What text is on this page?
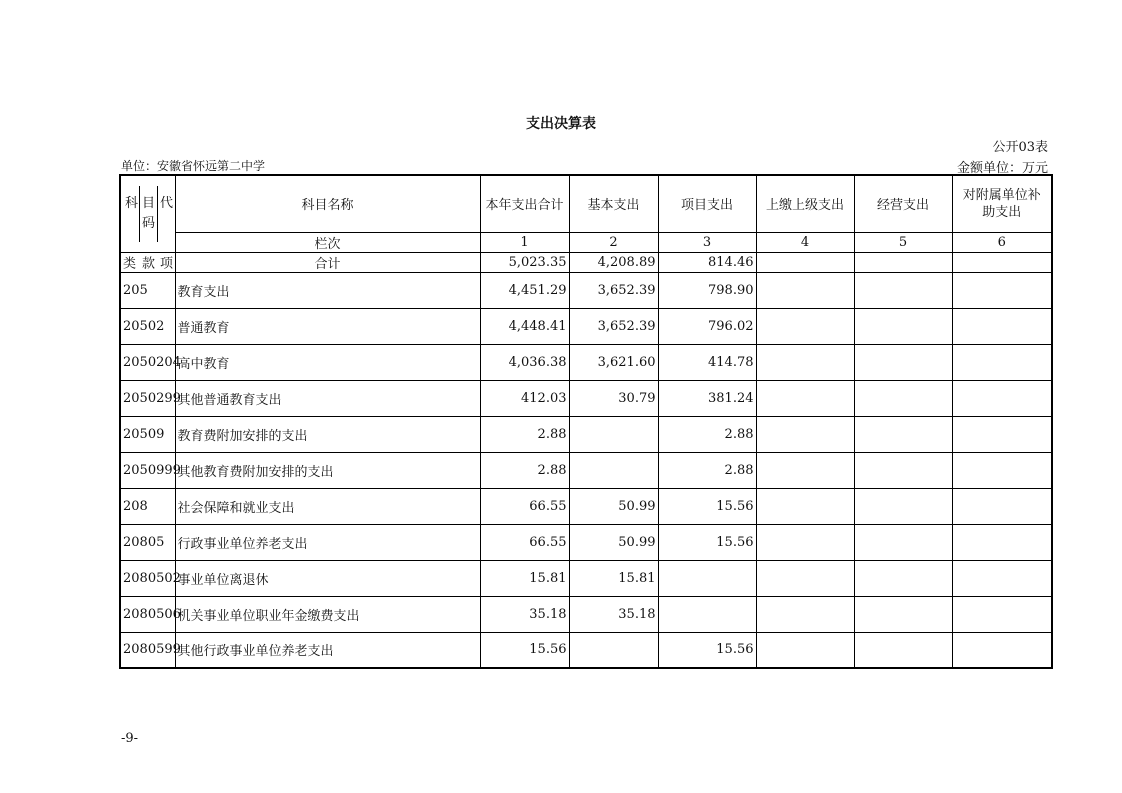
支出决算表
公开03表
单位：安徽省怀远第二中学	金额单位：万元
科 目 代
码	科目名称	本年支出合计	基本支出	项目支出	上缴上级支出	经营支出	对附属单位补助支出
	栏次	1	2	3	4	5	6

类 款 项	合计	5,023.35	4,208.89	814.46			
205	教育支出	4,451.29	3,652.39	798.90			
20502	普通教育	4,448.41	3,652.39	796.02			
2050204	高中教育	4,036.38	3,621.60	414.78			
2050299	其他普通教育支出	412.03	30.79	381.24			
20509	教育费附加安排的支出	2.88		2.88			
2050999	其他教育费附加安排的支出	2.88		2.88			
208	社会保障和就业支出	66.55	50.99	15.56			
20805	行政事业单位养老支出	66.55	50.99	15.56			
2080502	事业单位离退休	15.81	15.81				
2080506	机关事业单位职业年金缴费支出	35.18	35.18				
2080599	其他行政事业单位养老支出	15.56		15.56			
-9-
